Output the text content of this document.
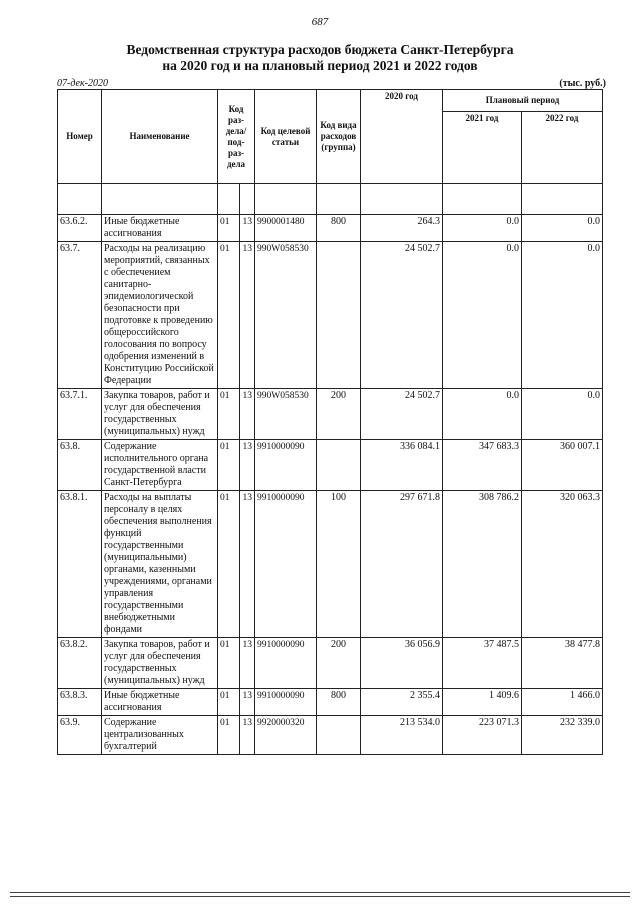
687
Ведомственная структура расходов бюджета Санкт-Петербурга
на 2020 год и на плановый период 2021 и 2022 годов
07-дек-2020	(тыс. руб.)
Номер	Наименование	Код раз- дела/ под- раз- дела		Код целевой статьи	Код вида расходов (группа)	2020 год	Плановый период	
							2021 год	2022 год

63.6.2.	Иные бюджетные ассигнования	01	13	9900001480	800	264.3	0.0	0.0
63.7.	Расходы на реализацию мероприятий, связанных с обеспечением санитарно-эпидемиологической безопасности при подготовке к проведению общероссийского голосования по вопросу одобрения изменений в Конституцию Российской Федерации	01	13	990W058530		24 502.7	0.0	0.0
63.7.1.	Закупка товаров, работ и услуг для обеспечения государственных (муниципальных) нужд	01	13	990W058530	200	24 502.7	0.0	0.0
63.8.	Содержание исполнительного органа государственной власти Санкт-Петербурга	01	13	9910000090		336 084.1	347 683.3	360 007.1
63.8.1.	Расходы на выплаты персоналу в целях обеспечения выполнения функций государственными (муниципальными) органами, казенными учреждениями, органами управления государственными внебюджетными фондами	01	13	9910000090	100	297 671.8	308 786.2	320 063.3
63.8.2.	Закупка товаров, работ и услуг для обеспечения государственных (муниципальных) нужд	01	13	9910000090	200	36 056.9	37 487.5	38 477.8
63.8.3.	Иные бюджетные ассигнования	01	13	9910000090	800	2 355.4	1 409.6	1 466.0
63.9.	Содержание централизованных бухгалтерий	01	13	9920000320		213 534.0	223 071.3	232 339.0
